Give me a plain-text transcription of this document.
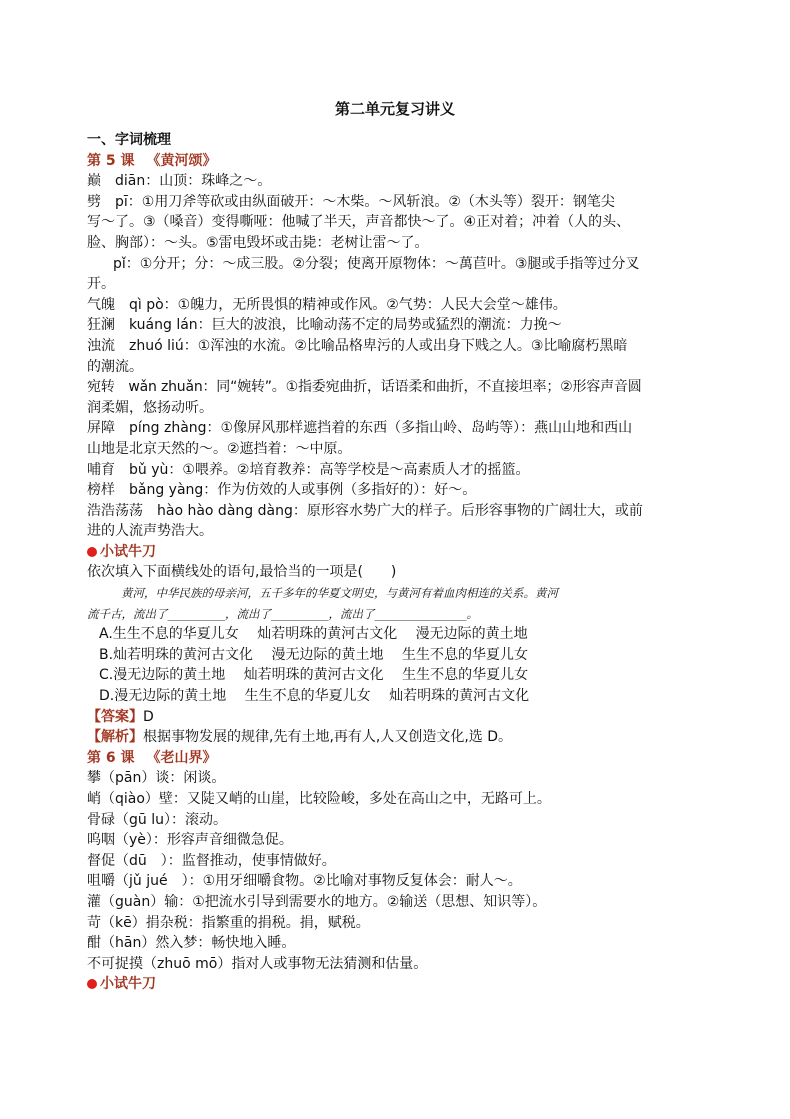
第二单元复习讲义

一、字词梳理

第 5 课 《黄河颂》

巅　diān：山顶：珠峰之～。

劈　pī：①用刀斧等砍或由纵面破开：～木柴。～风斩浪。②（木头等）裂开：钢笔尖

写～了。③（嗓音）变得嘶哑：他喊了半天，声音都快～了。④正对着；冲着（人的头、

脸、胸部）：～头。⑤雷电毁坏或击毙：老树让雷～了。

pǐ：①分开；分：～成三股。②分裂；使离开原物体：～萬苣叶。③腿或手指等过分叉

开。

气魄　qì pò：①魄力，无所畏惧的精神或作风。②气势：人民大会堂～雄伟。

狂澜　kuáng lán：巨大的波浪，比喻动荡不定的局势或猛烈的潮流：力挽～

浊流　zhuó liú：①浑浊的水流。②比喻品格卑污的人或出身下贱之人。③比喻腐朽黑暗

的潮流。

宛转　wǎn zhuǎn：同“婉转”。①指委宛曲折，话语柔和曲折，不直接坦率；②形容声音圆

润柔媚，悠扬动听。

屏障　píng zhàng：①像屏风那样遮挡着的东西（多指山岭、岛屿等）：燕山山地和西山

山地是北京天然的～。②遮挡着：～中原。

哺育　bǔ yù：①喂养。②培育教养：高等学校是～高素质人才的摇篮。

榜样　bǎng yàng：作为仿效的人或事例（多指好的）：好～。

浩浩荡荡　hào hào dàng dàng：原形容水势广大的样子。后形容事物的广阔壮大，或前

进的人流声势浩大。

小试牛刀

依次填入下面横线处的语句,最恰当的一项是(　　)

黄河，中华民族的母亲河，五千多年的华夏文明史，与黄河有着血肉相连的关系。黄河

流千古，流出了__________，流出了__________，流出了________________。

A.生生不息的华夏儿女　 灿若明珠的黄河古文化　 漫无边际的黄土地

B.灿若明珠的黄河古文化　 漫无边际的黄土地　 生生不息的华夏儿女

C.漫无边际的黄土地　 灿若明珠的黄河古文化　 生生不息的华夏儿女

D.漫无边际的黄土地　 生生不息的华夏儿女　 灿若明珠的黄河古文化

【答案】D

【解析】根据事物发展的规律,先有土地,再有人,人又创造文化,选 D。

第 6 课 《老山界》

攀（pān）谈：闲谈。

峭（qiào）壁：又陡又峭的山崖，比较险峻，多处在高山之中，无路可上。

骨碌（gū lu）：滚动。

呜咽（yè）：形容声音细微急促。

督促（dū　）：监督推动，使事情做好。

咀嚼（jǔ jué　）：①用牙细嚼食物。②比喻对事物反复体会：耐人～。

灌（guàn）输：①把流水引导到需要水的地方。②输送（思想、知识等）。

苛（kē）捐杂税：指繁重的捐税。捐，赋税。

酣（hān）然入梦：畅快地入睡。

不可捉摸（zhuō mō）指对人或事物无法猜测和估量。

小试牛刀
